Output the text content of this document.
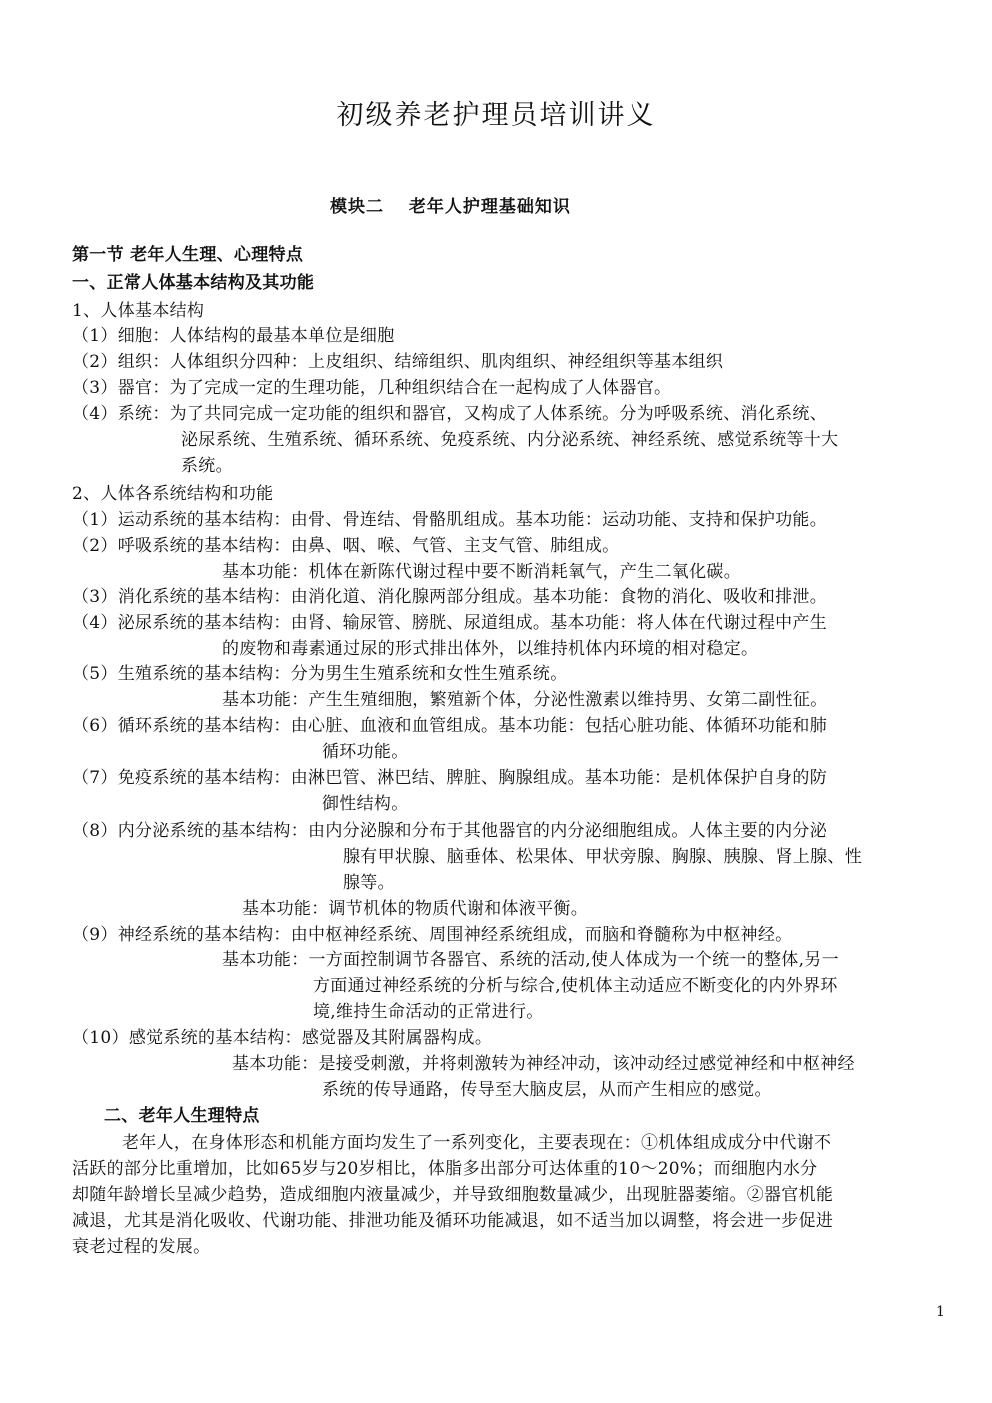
初级养老护理员培训讲义
模块二　 老年人护理基础知识
第一节 老年人生理、心理特点
一、正常人体基本结构及其功能
1、人体基本结构
（1）细胞：人体结构的最基本单位是细胞
（2）组织：人体组织分四种：上皮组织、结缔组织、肌肉组织、神经组织等基本组织
（3）器官：为了完成一定的生理功能，几种组织结合在一起构成了人体器官。
（4）系统：为了共同完成一定功能的组织和器官，又构成了人体系统。分为呼吸系统、消化系统、
泌尿系统、生殖系统、循环系统、免疫系统、内分泌系统、神经系统、感觉系统等十大
系统。
2、人体各系统结构和功能
（1）运动系统的基本结构：由骨、骨连结、骨骼肌组成。基本功能：运动功能、支持和保护功能。
（2）呼吸系统的基本结构：由鼻、咽、喉、气管、主支气管、肺组成。
基本功能：机体在新陈代谢过程中要不断消耗氧气，产生二氧化碳。
（3）消化系统的基本结构：由消化道、消化腺两部分组成。基本功能：食物的消化、吸收和排泄。
（4）泌尿系统的基本结构：由肾、输尿管、膀胱、尿道组成。基本功能：将人体在代谢过程中产生
的废物和毒素通过尿的形式排出体外，以维持机体内环境的相对稳定。
（5）生殖系统的基本结构：分为男生生殖系统和女性生殖系统。
基本功能：产生生殖细胞，繁殖新个体，分泌性激素以维持男、女第二副性征。
（6）循环系统的基本结构：由心脏、血液和血管组成。基本功能：包括心脏功能、体循环功能和肺
循环功能。
（7）免疫系统的基本结构：由淋巴管、淋巴结、脾脏、胸腺组成。基本功能：是机体保护自身的防
御性结构。
（8）内分泌系统的基本结构：由内分泌腺和分布于其他器官的内分泌细胞组成。人体主要的内分泌
腺有甲状腺、脑垂体、松果体、甲状旁腺、胸腺、胰腺、肾上腺、性
腺等。
基本功能：调节机体的物质代谢和体液平衡。
（9）神经系统的基本结构：由中枢神经系统、周围神经系统组成，而脑和脊髓称为中枢神经。
基本功能：一方面控制调节各器官、系统的活动,使人体成为一个统一的整体,另一
方面通过神经系统的分析与综合,使机体主动适应不断变化的内外界环
境,维持生命活动的正常进行。
（10）感觉系统的基本结构：感觉器及其附属器构成。
基本功能：是接受刺激，并将刺激转为神经冲动，该冲动经过感觉神经和中枢神经
系统的传导通路，传导至大脑皮层，从而产生相应的感觉。
二、老年人生理特点
老年人，在身体形态和机能方面均发生了一系列变化，主要表现在：①机体组成成分中代谢不
活跃的部分比重增加，比如65岁与20岁相比，体脂多出部分可达体重的10～20%；而细胞内水分
却随年龄增长呈减少趋势，造成细胞内液量减少，并导致细胞数量减少，出现脏器萎缩。②器官机能
减退，尤其是消化吸收、代谢功能、排泄功能及循环功能减退，如不适当加以调整，将会进一步促进
衰老过程的发展。
1
